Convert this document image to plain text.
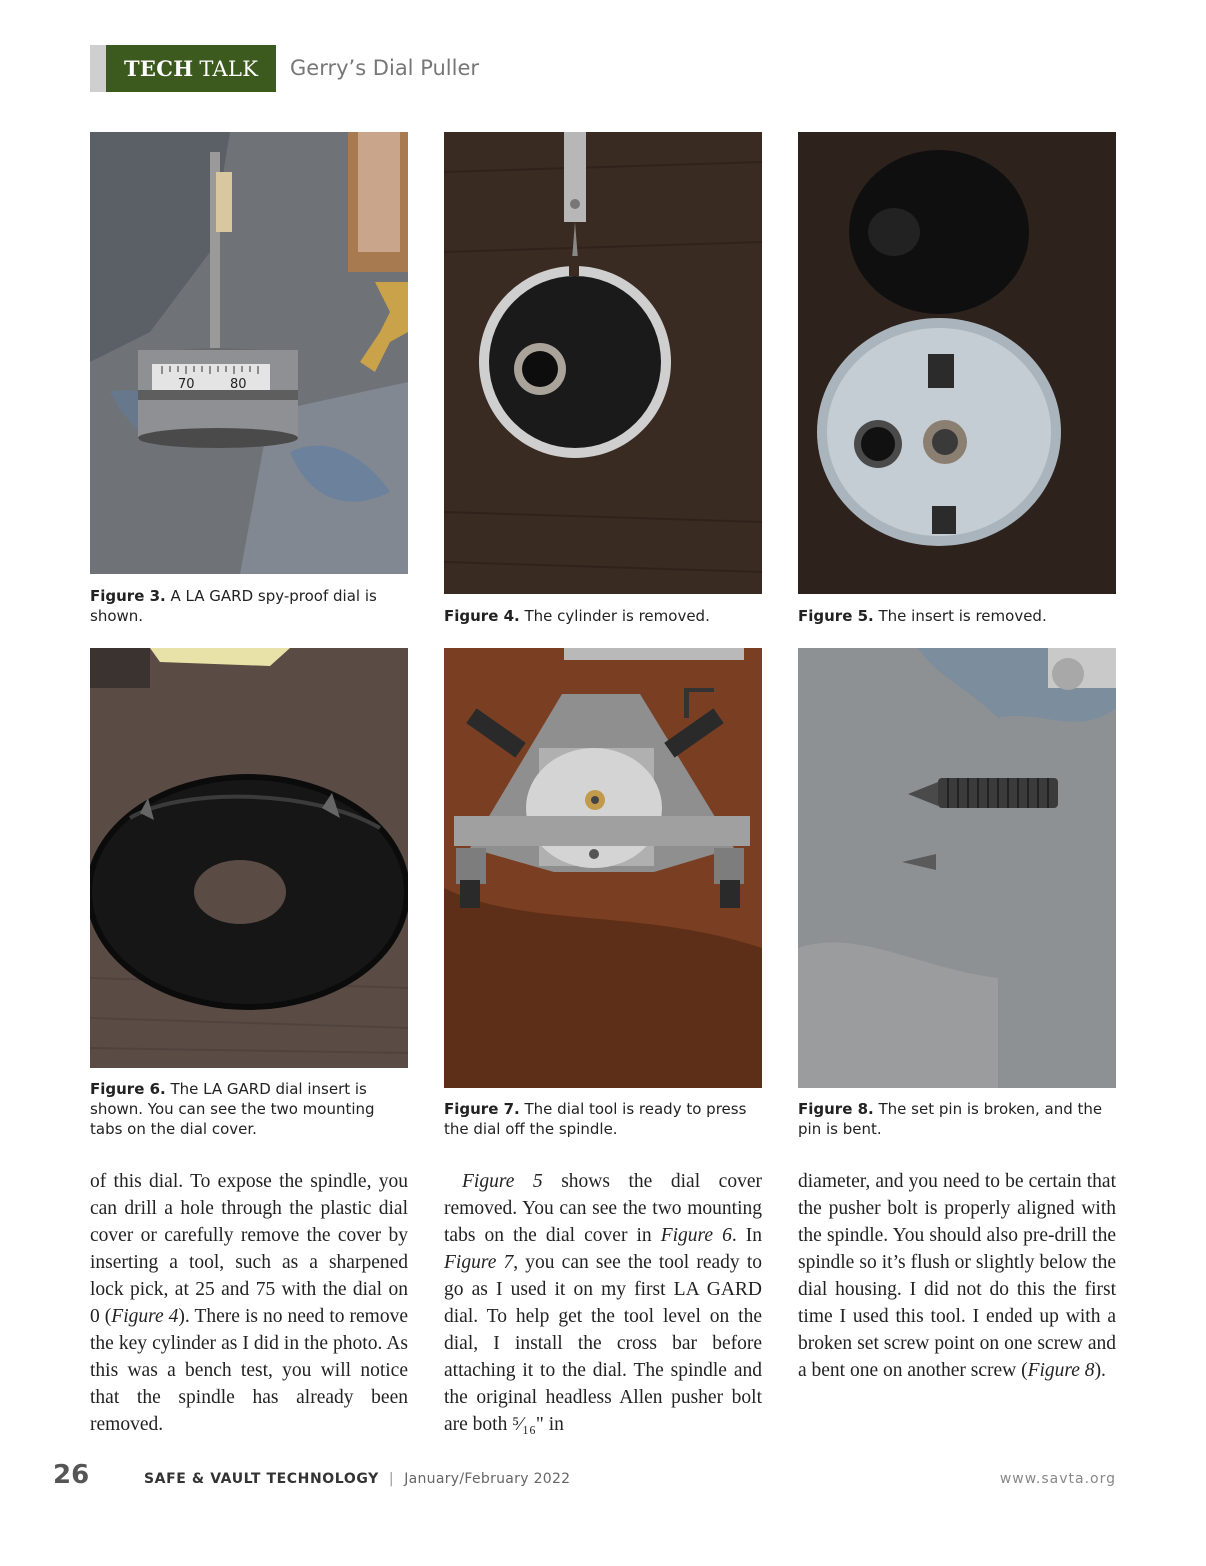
TECH TALK Gerry’s Dial Puller
70	80
Figure 3. A LA GARD spy-proof dial is shown.	Figure 4. The cylinder is removed.	Figure 5. The insert is removed.
Figure 6. The LA GARD dial insert is shown. You can see the two mounting tabs on the dial cover.
Figure 7. The dial tool is ready to press the dial off the spindle.
Figure 8. The set pin is broken, and the pin is bent.
of this dial. To expose the spindle, you can drill a hole through the plastic dial cover or carefully remove the cover by inserting a tool, such as a sharpened lock pick, at 25 and 75 with the dial on 0 (Figure 4). There is no need to remove the key cylinder as I did in the photo. As this was a bench test, you will notice that the spindle has already been removed.
Figure 5 shows the dial cover removed. You can see the two mounting tabs on the dial cover in Figure 6. In Figure 7, you can see the tool ready to go as I used it on my first LA GARD dial. To help get the tool level on the dial, I install the cross bar before attaching it to the dial. The spindle and the original headless Allen pusher bolt are both ⁵⁄₁₆" in
diameter, and you need to be certain that the pusher bolt is properly aligned with the spindle. You should also pre-drill the spindle so it’s flush or slightly below the dial housing. I did not do this the first time I used this tool. I ended up with a broken set screw point on one screw and a bent one on another screw (Figure 8).
26	SAFE & VAULT TECHNOLOGY | January/February 2022	www.savta.org
